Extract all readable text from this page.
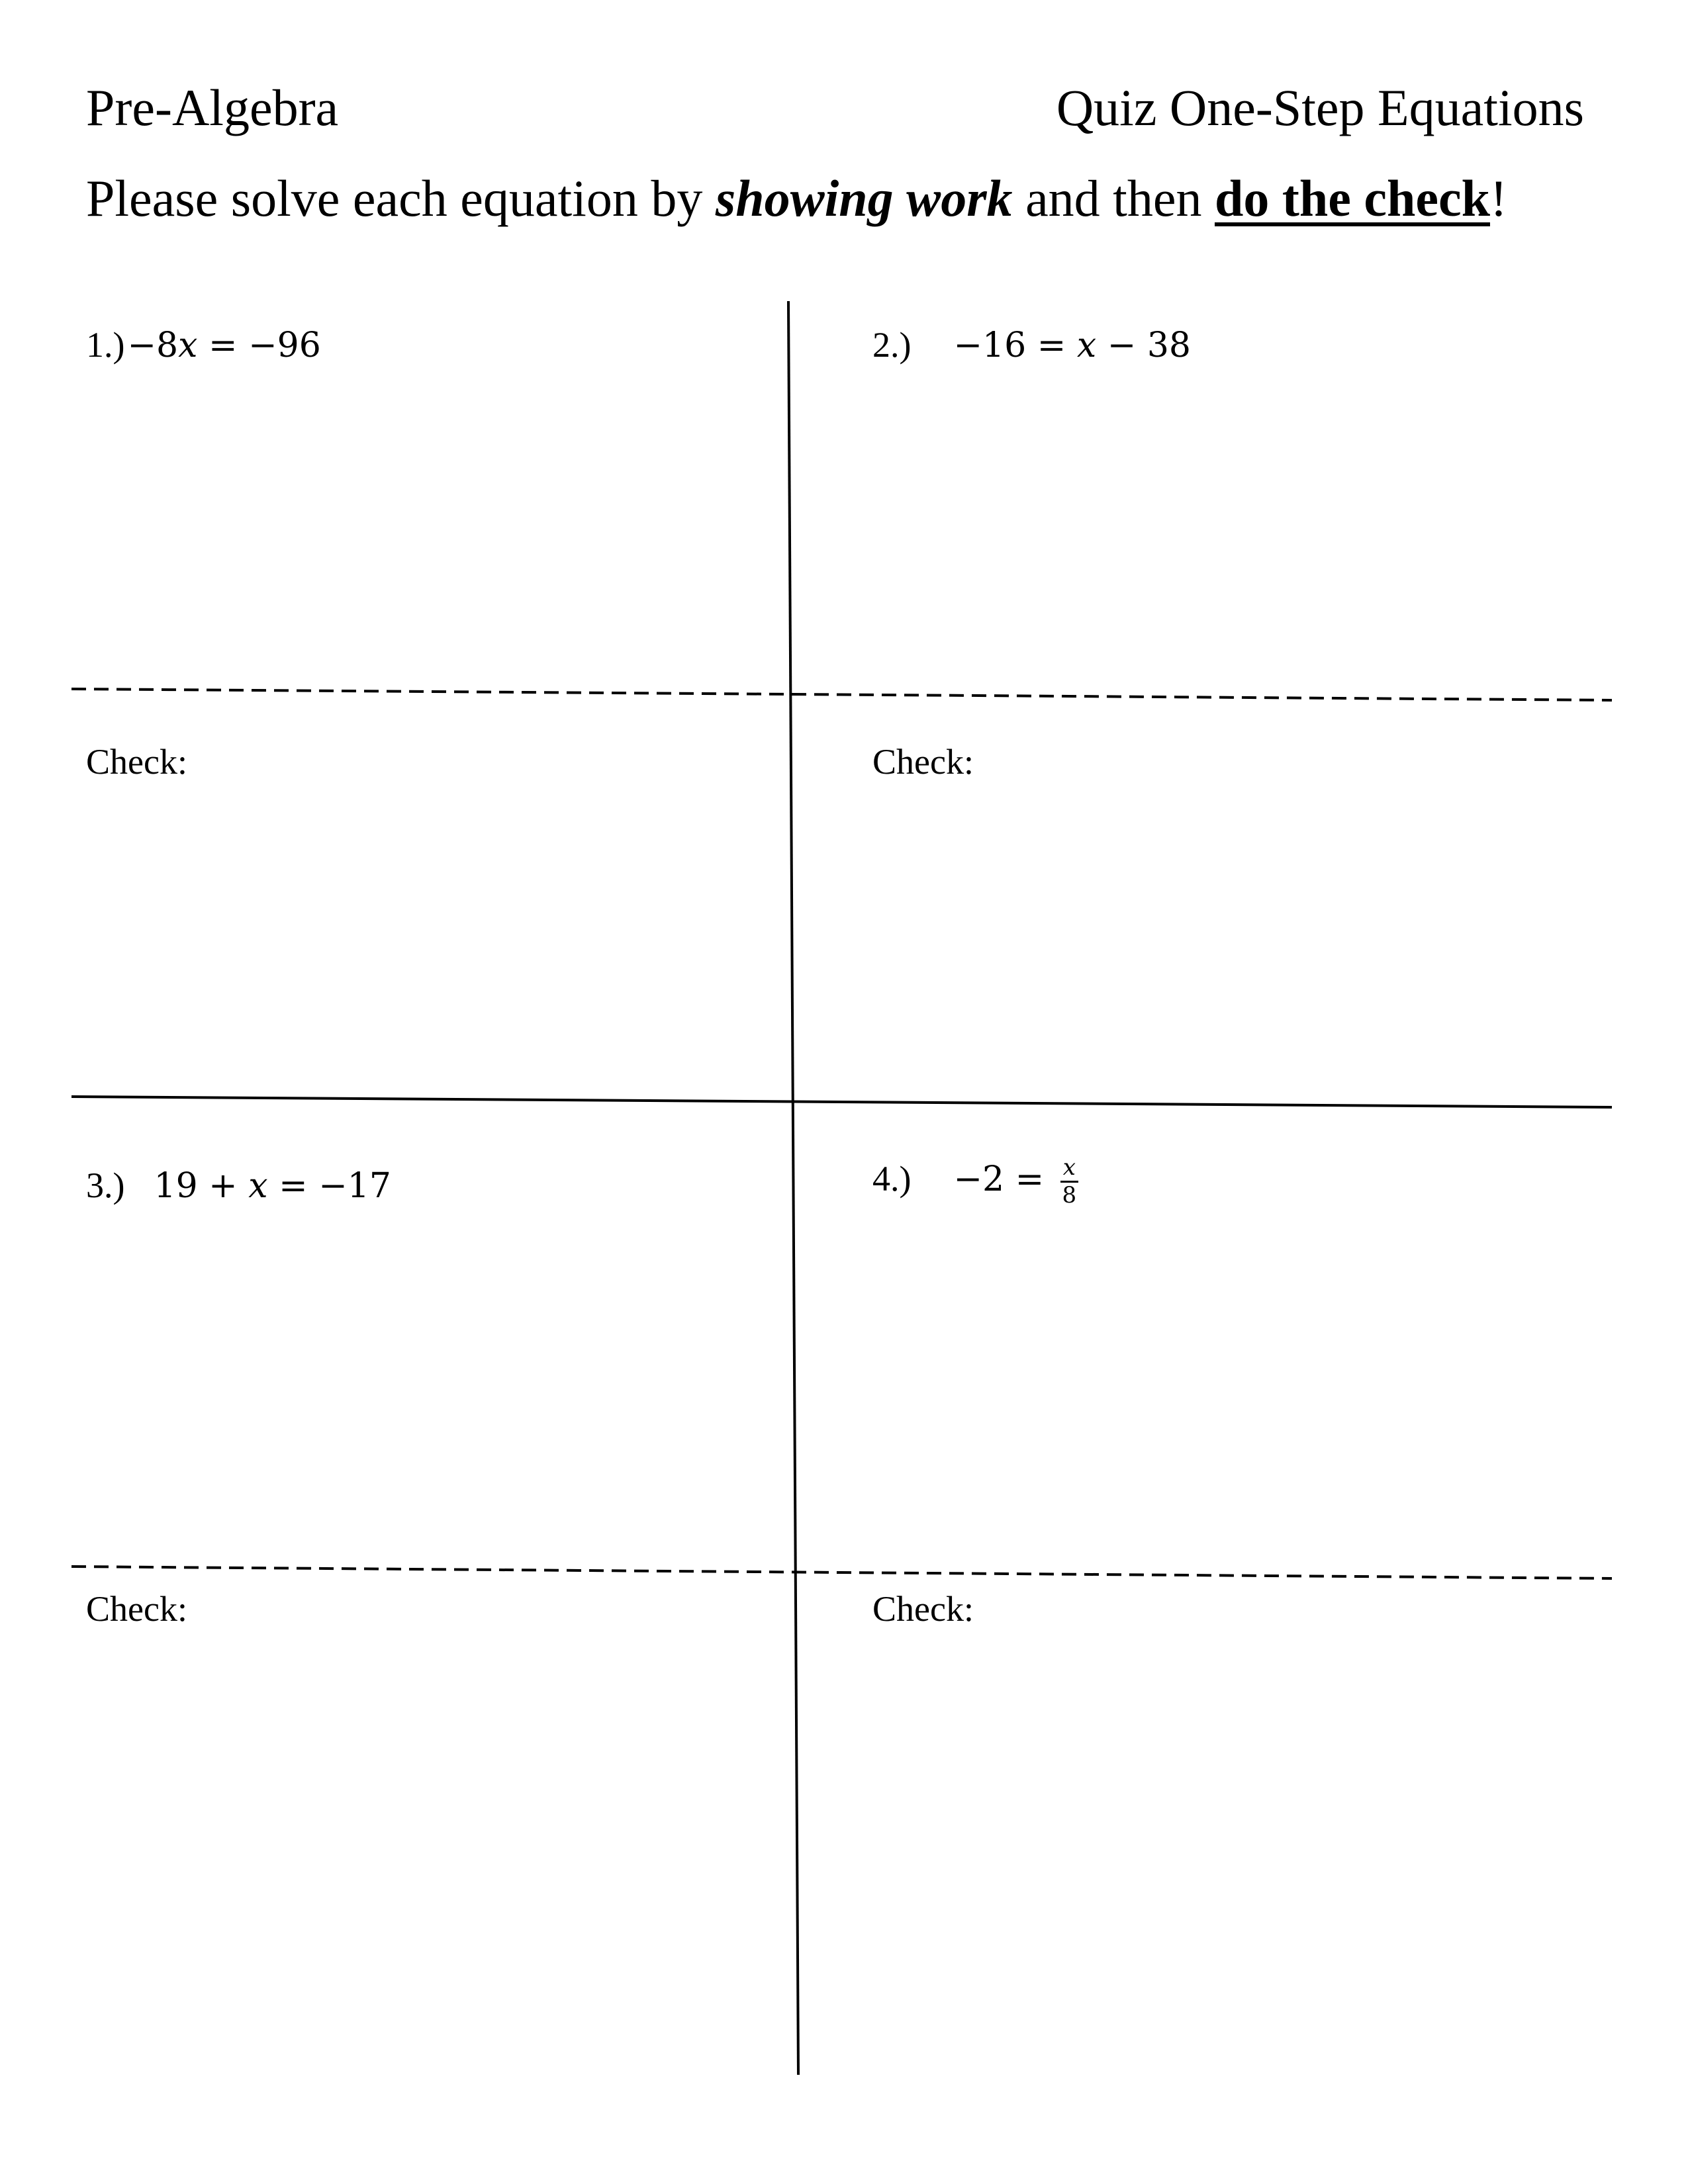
Pre-Algebra	Quiz One-Step Equations
Please solve each equation by showing work and then do the check!
1.) −8x = −96	2.) −16 = x − 38
Check:	Check:
3.) 19 + x = −17	$4.) -2 = \frac{x}{8}$
Check:	Check:
